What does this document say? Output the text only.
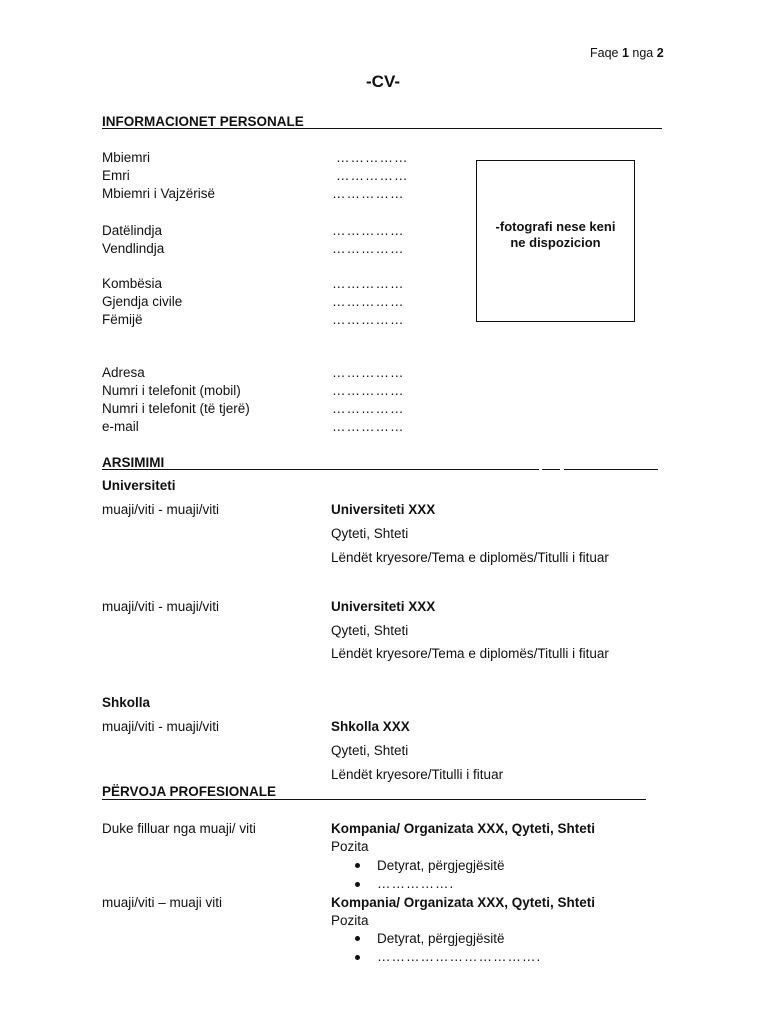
Faqe 1 nga 2
-CV-
INFORMACIONET PERSONALE
Mbiemri	……………
Emri	……………
Mbiemri i Vajzërisë	……………
Datëlindja	……………
Vendlindja	……………
Kombësia	……………
Gjendja civile	……………
Fëmijë	……………
Adresa	……………
Numri i telefonit (mobil)	……………
Numri i telefonit (të tjerë)	……………
e-mail	……………
-fotografi nese keni
ne dispozicion
ARSIMIMI
Universiteti
muaji/viti - muaji/viti	Universiteti XXX
Qyteti, Shteti
Lëndët kryesore/Tema e diplomës/Titulli i fituar
muaji/viti - muaji/viti	Universiteti XXX
Qyteti, Shteti
Lëndët kryesore/Tema e diplomës/Titulli i fituar
Shkolla
muaji/viti - muaji/viti	Shkolla XXX
Qyteti, Shteti
Lëndët kryesore/Titulli i fituar
PËRVOJA PROFESIONALE
Duke filluar nga muaji/ viti	Kompania/ Organizata XXX, Qyteti, Shteti
Pozita
Detyrat, përgjegjësitë
…………….
muaji/viti – muaji viti	Kompania/ Organizata XXX, Qyteti, Shteti
Pozita
Detyrat, përgjegjësitë
…………………………….
